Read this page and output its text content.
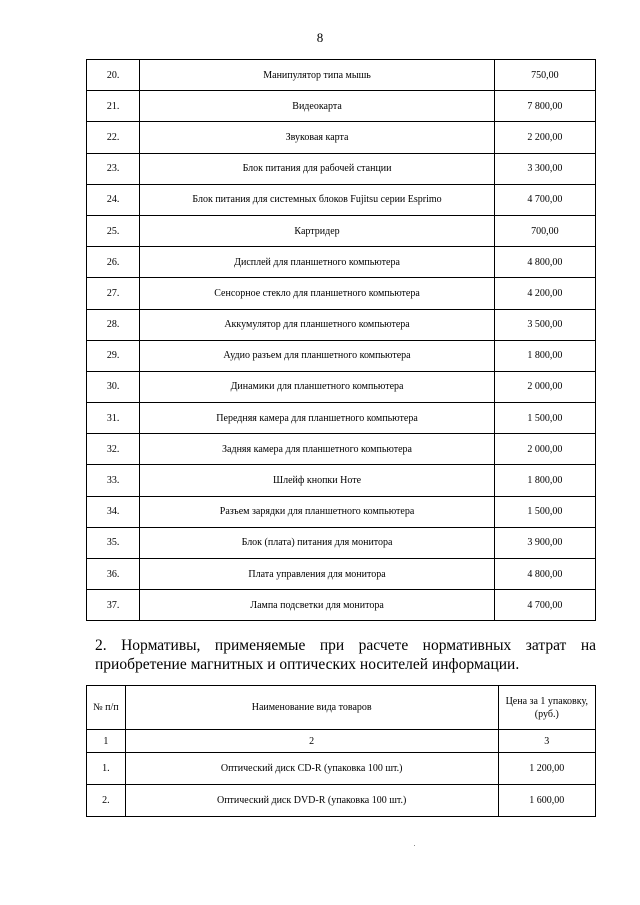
8
20.	Манипулятор типа мышь	750,00
21.	Видеокарта	7 800,00
22.	Звуковая карта	2 200,00
23.	Блок питания для рабочей станции	3 300,00
24.	Блок питания для системных блоков Fujitsu серии Esprimo	4 700,00
25.	Картридер	700,00
26.	Дисплей для планшетного компьютера	4 800,00
27.	Сенсорное стекло для планшетного компьютера	4 200,00
28.	Аккумулятор для планшетного компьютера	3 500,00
29.	Аудио разъем для планшетного компьютера	1 800,00
30.	Динамики для планшетного компьютера	2 000,00
31.	Передняя камера для планшетного компьютера	1 500,00
32.	Задняя камера для планшетного компьютера	2 000,00
33.	Шлейф кнопки Ноте	1 800,00
34.	Разъем зарядки для планшетного компьютера	1 500,00
35.	Блок (плата) питания для монитора	3 900,00
36.	Плата управления для монитора	4 800,00
37.	Лампа подсветки для монитора	4 700,00
2. Нормативы, применяемые при расчете нормативных затрат на приобретение магнитных и оптических носителей информации.
№ п/п	Наименование вида товаров	Цена за 1 упаковку, (руб.)
1	2	3
1.	Оптический диск CD-R (упаковка 100 шт.)	1 200,00
2.	Оптический диск DVD-R (упаковка 100 шт.)	1 600,00
